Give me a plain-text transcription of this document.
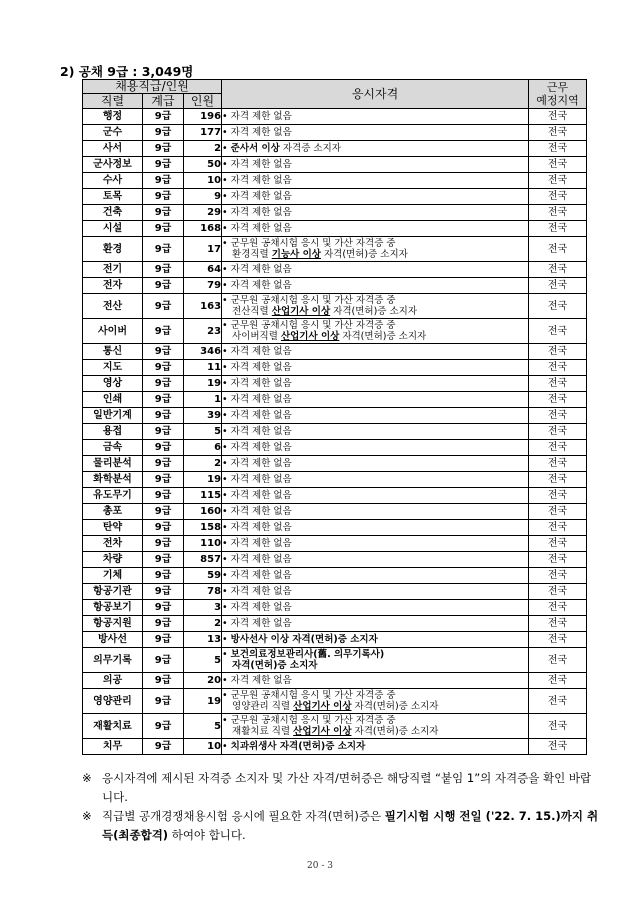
2) 공채 9급 : 3,049명
채용직급/인원			응시자격	근무
예정지역

직렬	계급	인원		
행정	9급	196	• 자격 제한 없음	전국
군수	9급	177	• 자격 제한 없음	전국
사서	9급	2	• 준사서 이상 자격증 소지자	전국
군사정보	9급	50	• 자격 제한 없음	전국
수사	9급	10	• 자격 제한 없음	전국
토목	9급	9	• 자격 제한 없음	전국
건축	9급	29	• 자격 제한 없음	전국
시설	9급	168	• 자격 제한 없음	전국
환경	9급	17	• 군무원 공채시험 응시 및 가산 자격증 중
환경직렬 기능사 이상 자격(면허)증 소지자	전국
전기	9급	64	• 자격 제한 없음	전국
전자	9급	79	• 자격 제한 없음	전국
전산	9급	163	• 군무원 공채시험 응시 및 가산 자격증 중
전산직렬 산업기사 이상 자격(면허)증 소지자	전국
사이버	9급	23	• 군무원 공채시험 응시 및 가산 자격증 중
사이버직렬 산업기사 이상 자격(면허)증 소지자	전국
통신	9급	346	• 자격 제한 없음	전국
지도	9급	11	• 자격 제한 없음	전국
영상	9급	19	• 자격 제한 없음	전국
인쇄	9급	1	• 자격 제한 없음	전국
일반기계	9급	39	• 자격 제한 없음	전국
용접	9급	5	• 자격 제한 없음	전국
금속	9급	6	• 자격 제한 없음	전국
물리분석	9급	2	• 자격 제한 없음	전국
화학분석	9급	19	• 자격 제한 없음	전국
유도무기	9급	115	• 자격 제한 없음	전국
총포	9급	160	• 자격 제한 없음	전국
탄약	9급	158	• 자격 제한 없음	전국
전차	9급	110	• 자격 제한 없음	전국
차량	9급	857	• 자격 제한 없음	전국
기체	9급	59	• 자격 제한 없음	전국
항공기관	9급	78	• 자격 제한 없음	전국
항공보기	9급	3	• 자격 제한 없음	전국
항공지원	9급	2	• 자격 제한 없음	전국
방사선	9급	13	• 방사선사 이상 자격(면허)증 소지자	전국
의무기록	9급	5	• 보건의료정보관리사(舊. 의무기록사)
자격(면허)증 소지자	전국
의공	9급	20	• 자격 제한 없음	전국
영양관리	9급	19	• 군무원 공채시험 응시 및 가산 자격증 중
영양관리 직렬 산업기사 이상 자격(면허)증 소지자	전국
재활치료	9급	5	• 군무원 공채시험 응시 및 가산 자격증 중
재활치료 직렬 산업기사 이상 자격(면허)증 소지자	전국
치무	9급	10	• 치과위생사 자격(면허)증 소지자	전국
※ 응시자격에 제시된 자격증 소지자 및 가산 자격/면허증은 해당직렬 “붙임 1”의 자격증을 확인 바랍니다.
※ 직급별 공개경쟁채용시험 응시에 필요한 자격(면허)증은 필기시험 시행 전일 ('22. 7. 15.)까지 취득(최종합격) 하여야 합니다.
20 - 3
